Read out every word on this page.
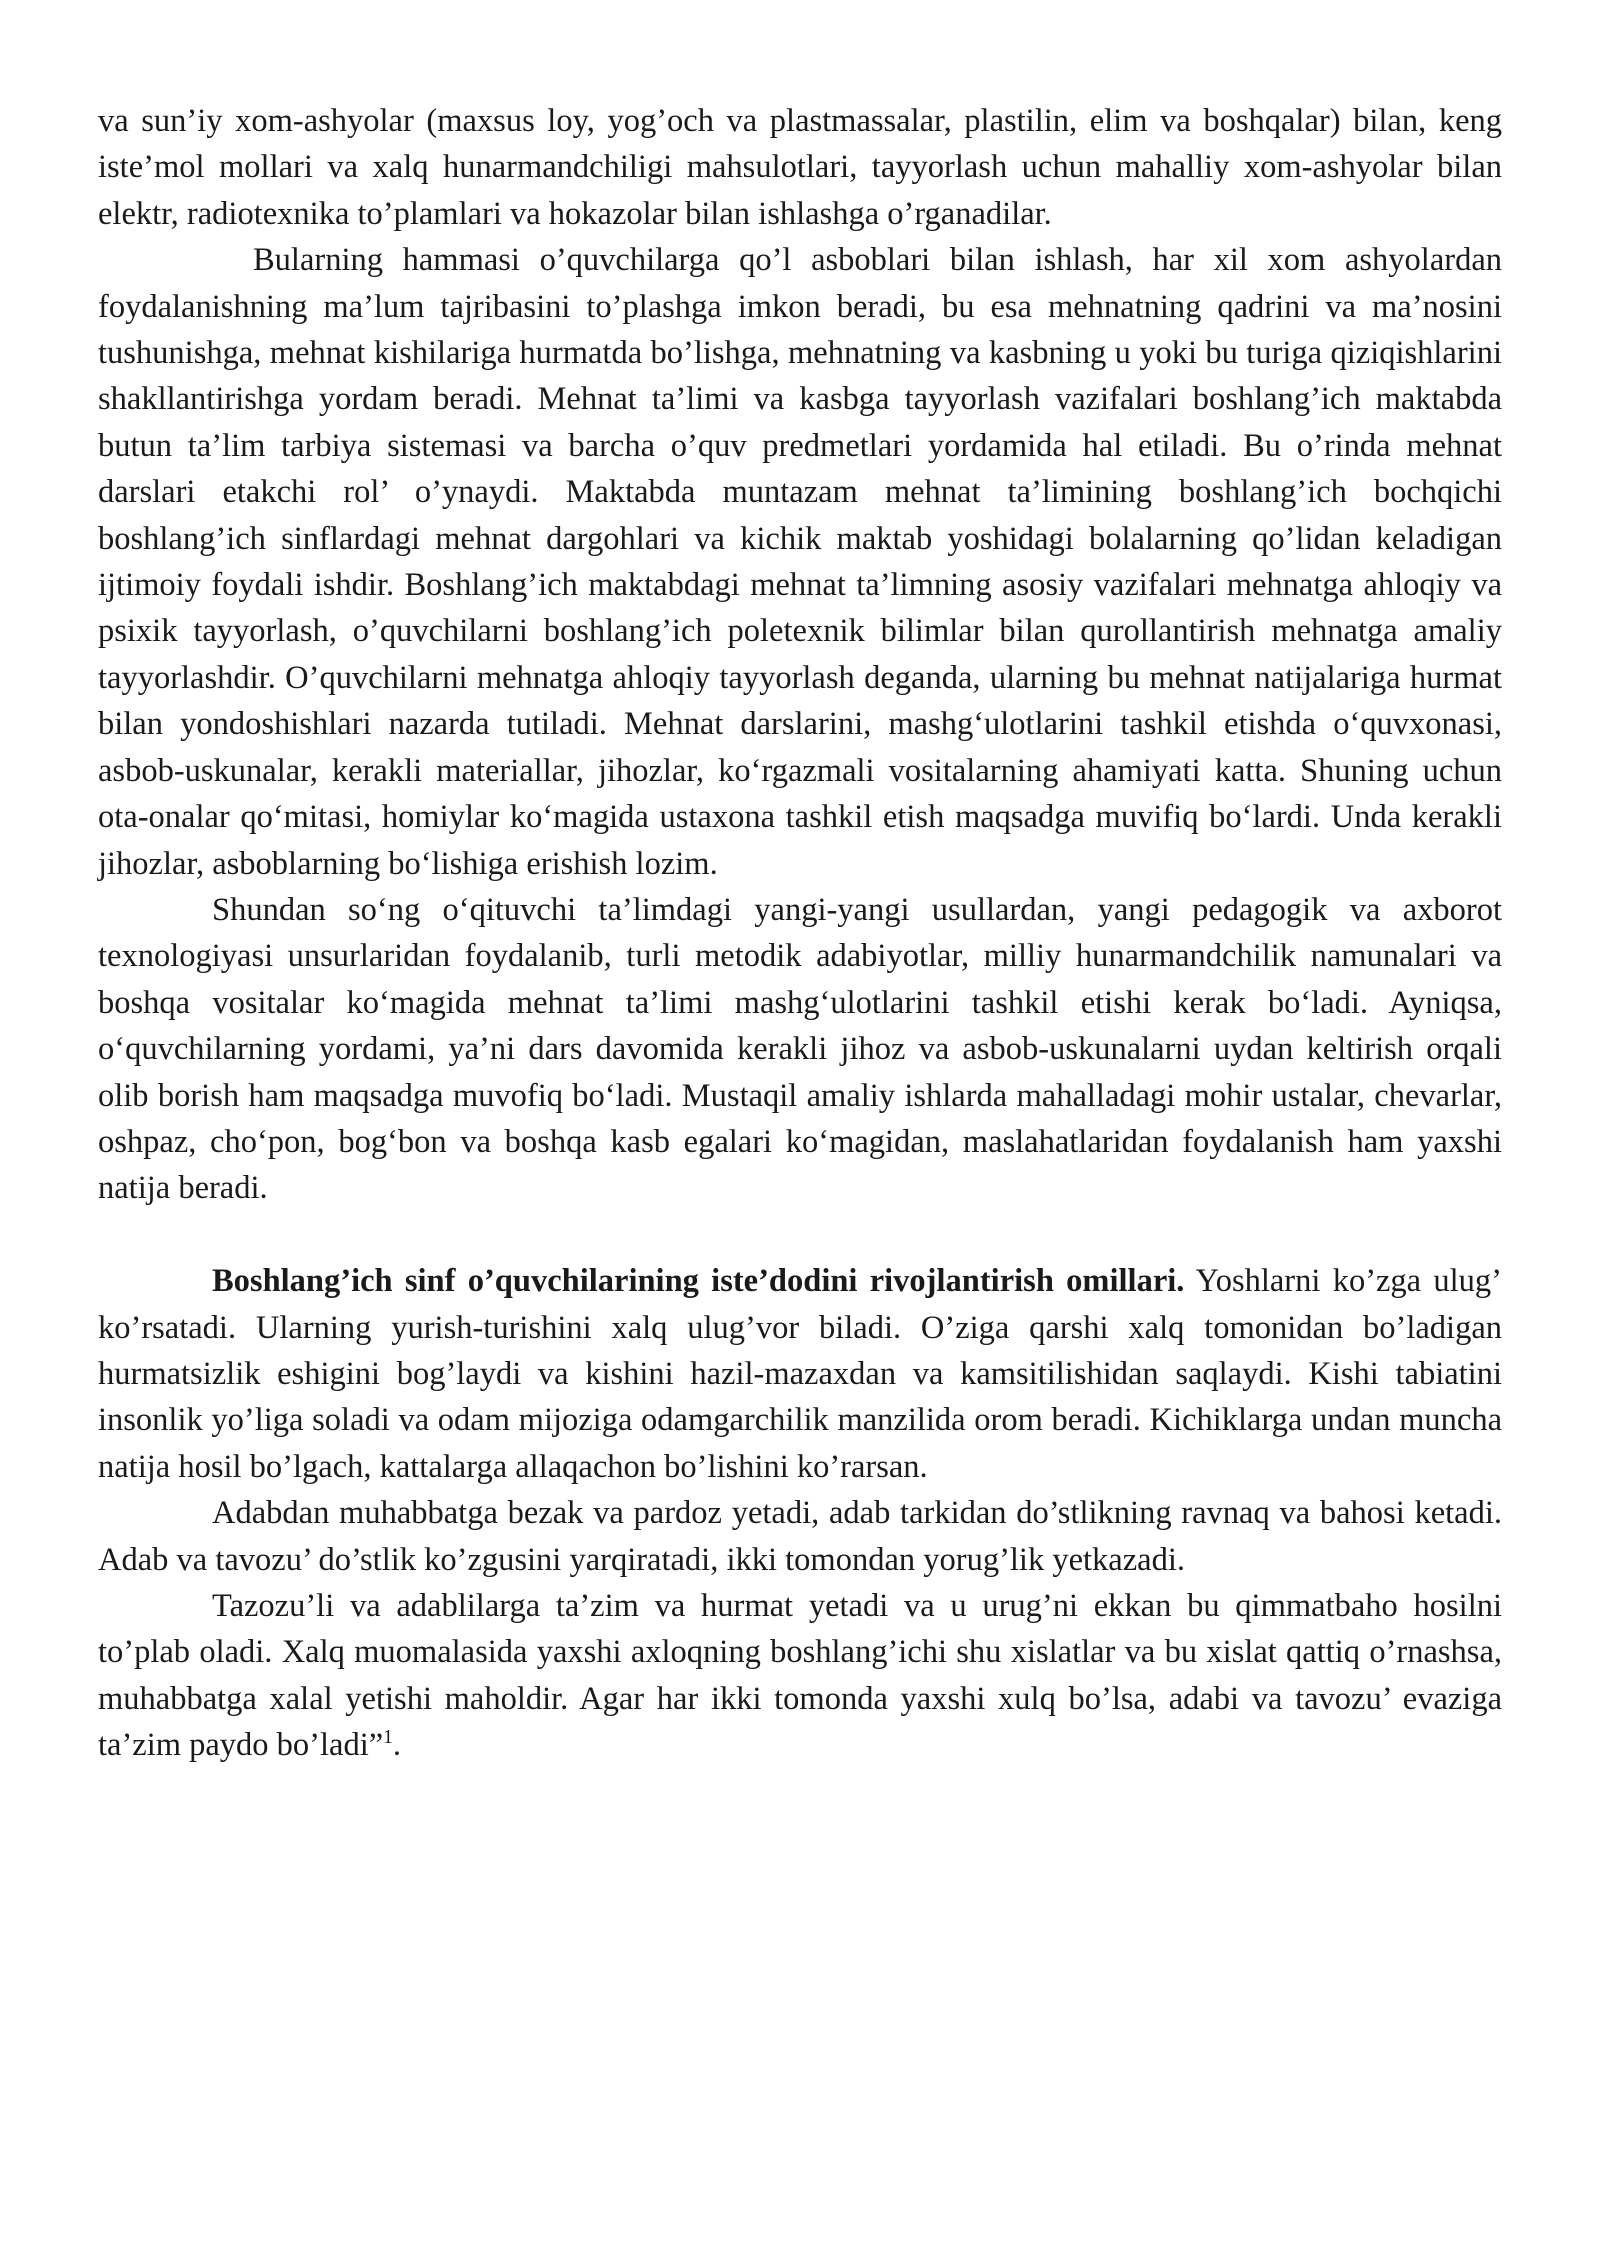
va sun’iy xom-ashyolar (maxsus loy, yog’och va plastmassalar, plastilin, elim va boshqalar) bilan, keng iste’mol mollari va xalq hunarmandchiligi mahsulotlari, tayyorlash uchun mahalliy xom-ashyolar bilan elektr, radiotexnika to’plamlari va hokazolar bilan ishlashga o’rganadilar.

Bularning hammasi o’quvchilarga qo’l asboblari bilan ishlash, har xil xom ashyolardan foydalanishning ma’lum tajribasini to’plashga imkon beradi, bu esa mehnatning qadrini va ma’nosini tushunishga, mehnat kishilariga hurmatda bo’lishga, mehnatning va kasbning u yoki bu turiga qiziqishlarini shakllantirishga yordam beradi. Mehnat ta’limi va kasbga tayyorlash vazifalari boshlang’ich maktabda butun ta’lim tarbiya sistemasi va barcha o’quv predmetlari yordamida hal etiladi. Bu o’rinda mehnat darslari etakchi rol’ o’ynaydi. Maktabda muntazam mehnat ta’limining boshlang’ich bochqichi boshlang’ich sinflardagi mehnat dargohlari va kichik maktab yoshidagi bolalarning qo’lidan keladigan ijtimoiy foydali ishdir. Boshlang’ich maktabdagi mehnat ta’limning asosiy vazifalari mehnatga ahloqiy va psixik tayyorlash, o’quvchilarni boshlang’ich poletexnik bilimlar bilan qurollantirish mehnatga amaliy tayyorlashdir. O’quvchilarni mehnatga ahloqiy tayyorlash deganda, ularning bu mehnat natijalariga hurmat bilan yondoshishlari nazarda tutiladi. Mehnat darslarini, mashg‘ulotlarini tashkil etishda o‘quvxonasi, asbob-uskunalar, kerakli materiallar, jihozlar, ko‘rgazmali vositalarning ahamiyati katta. Shuning uchun ota-onalar qo‘mitasi, homiylar ko‘magida ustaxona tashkil etish maqsadga muvifiq bo‘lardi. Unda kerakli jihozlar, asboblarning bo‘lishiga erishish lozim.

Shundan so‘ng o‘qituvchi ta’limdagi yangi-yangi usullardan, yangi pedagogik va axborot texnologiyasi unsurlaridan foydalanib, turli metodik adabiyotlar, milliy hunarmandchilik namunalari va boshqa vositalar ko‘magida mehnat ta’limi mashg‘ulotlarini tashkil etishi kerak bo‘ladi. Ayniqsa, o‘quvchilarning yordami, ya’ni dars davomida kerakli jihoz va asbob-uskunalarni uydan keltirish orqali olib borish ham maqsadga muvofiq bo‘ladi. Mustaqil amaliy ishlarda mahalladagi mohir ustalar, chevarlar, oshpaz, cho‘pon, bog‘bon va boshqa kasb egalari ko‘magidan, maslahatlaridan foydalanish ham yaxshi natija beradi.

Boshlang’ich sinf o’quvchilarining iste’dodini rivojlantirish omillari. Yoshlarni ko’zga ulug’ ko’rsatadi. Ularning yurish-turishini xalq ulug’vor biladi. O’ziga qarshi xalq tomonidan bo’ladigan hurmatsizlik eshigini bog’laydi va kishini hazil-mazaxdan va kamsitilishidan saqlaydi. Kishi tabiatini insonlik yo’liga soladi va odam mijoziga odamgarchilik manzilida orom beradi. Kichiklarga undan muncha natija hosil bo’lgach, kattalarga allaqachon bo’lishini ko’rarsan.

Adabdan muhabbatga bezak va pardoz yetadi, adab tarkidan do’stlikning ravnaq va bahosi ketadi. Adab va tavozu’ do’stlik ko’zgusini yarqiratadi, ikki tomondan yorug’lik yetkazadi.

Tazozu’li va adablilarga ta’zim va hurmat yetadi va u urug’ni ekkan bu qimmatbaho hosilni to’plab oladi. Xalq muomalasida yaxshi axloqning boshlang’ichi shu xislatlar va bu xislat qattiq o’rnashsa, muhabbatga xalal yetishi maholdir. Agar har ikki tomonda yaxshi xulq bo’lsa, adabi va tavozu’ evaziga ta’zim paydo bo’ladi”$^1$.
